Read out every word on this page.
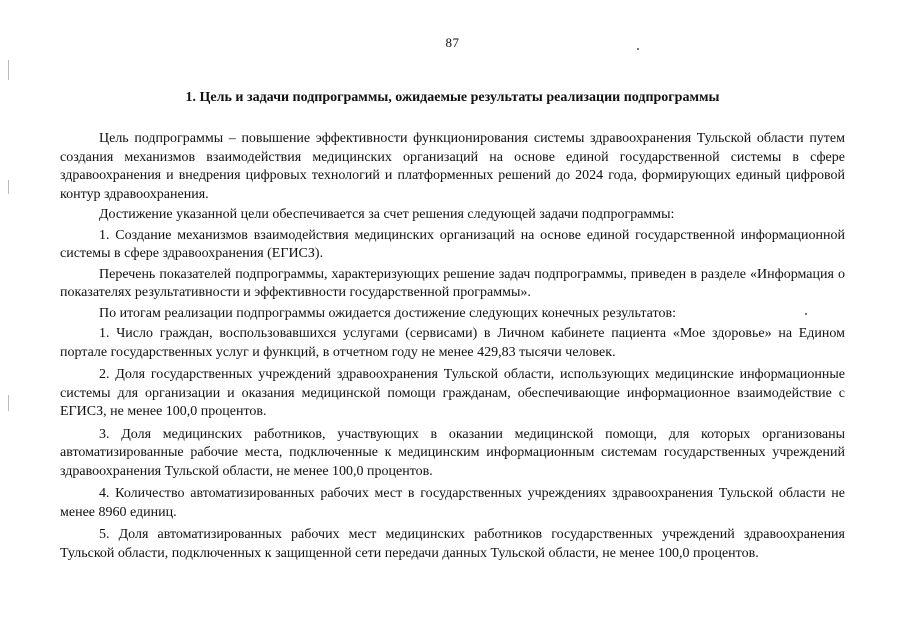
87
1. Цель и задачи подпрограммы, ожидаемые результаты реализации подпрограммы

Цель подпрограммы – повышение эффективности функционирования системы здравоохранения Тульской области путем создания механизмов взаимодействия медицинских организаций на основе единой государственной системы в сфере здравоохранения и внедрения цифровых технологий и платформенных решений до 2024 года, формирующих единый цифровой контур здравоохранения.

Достижение указанной цели обеспечивается за счет решения следующей задачи подпрограммы:

1. Создание механизмов взаимодействия медицинских организаций на основе единой государственной информационной системы в сфере здравоохранения (ЕГИСЗ).

Перечень показателей подпрограммы, характеризующих решение задач подпрограммы, приведен в разделе «Информация о показателях результативности и эффективности государственной программы».

По итогам реализации подпрограммы ожидается достижение следующих конечных результатов:

1. Число граждан, воспользовавшихся услугами (сервисами) в Личном кабинете пациента «Мое здоровье» на Едином портале государственных услуг и функций, в отчетном году не менее 429,83 тысячи человек.

2. Доля государственных учреждений здравоохранения Тульской области, использующих медицинские информационные системы для организации и оказания медицинской помощи гражданам, обеспечивающие информационное взаимодействие с ЕГИСЗ, не менее 100,0 процентов.

3. Доля медицинских работников, участвующих в оказании медицинской помощи, для которых организованы автоматизированные рабочие места, подключенные к медицинским информационным системам государственных учреждений здравоохранения Тульской области, не менее 100,0 процентов.

4. Количество автоматизированных рабочих мест в государственных учреждениях здравоохранения Тульской области не менее 8960 единиц.

5. Доля автоматизированных рабочих мест медицинских работников государственных учреждений здравоохранения Тульской области, подключенных к защищенной сети передачи данных Тульской области, не менее 100,0 процентов.
